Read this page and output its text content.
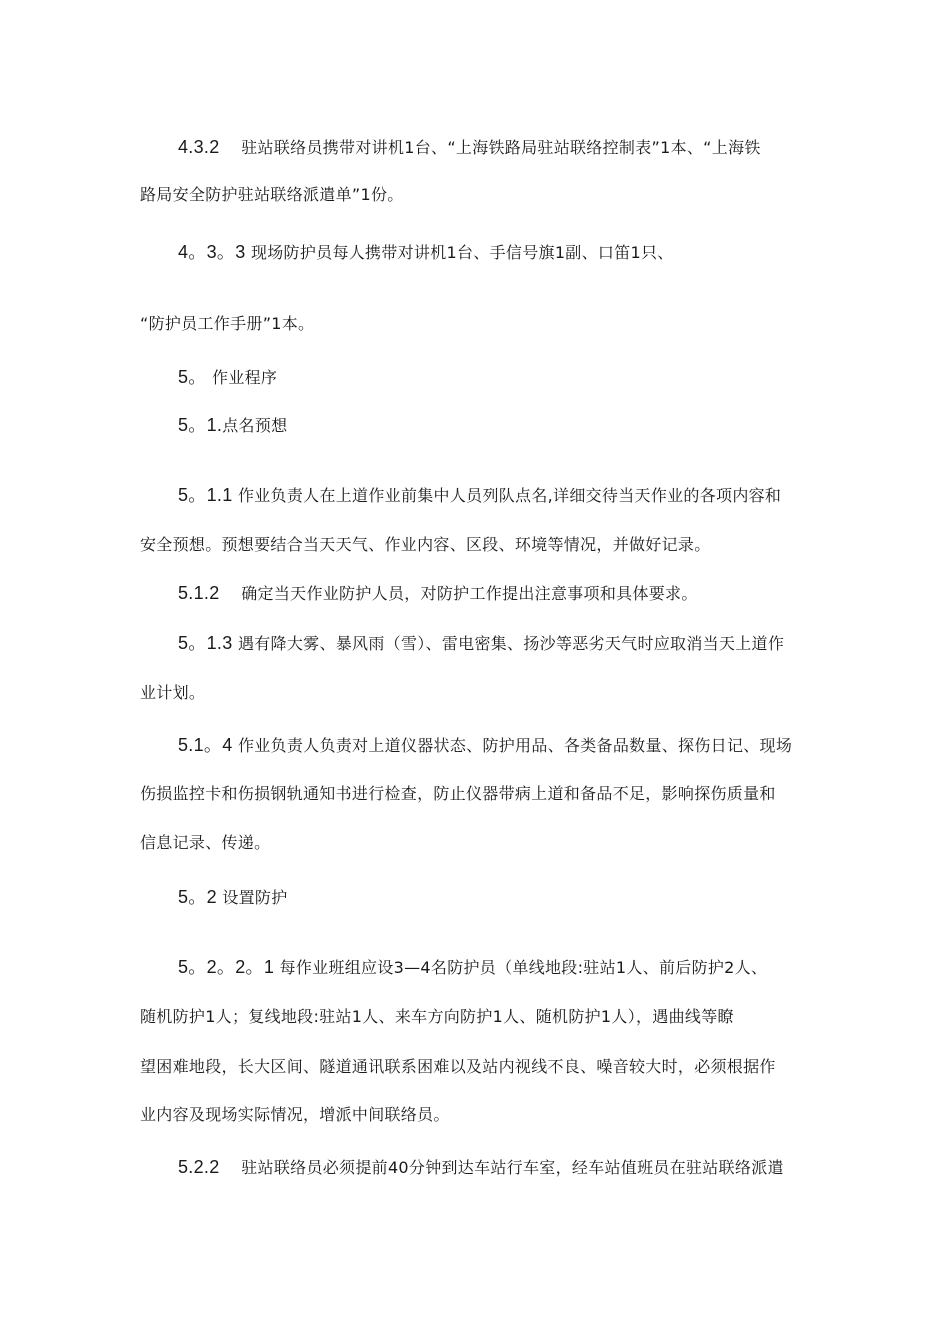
4.3.2 　驻站联络员携带对讲机1台、“上海铁路局驻站联络控制表”1本、“上海铁
路局安全防护驻站联络派遣单”1份。
4。3。3 现场防护员每人携带对讲机1台、手信号旗1副、口笛1只、
“防护员工作手册”1本。
5。 作业程序
5。1.点名预想
5。1.1 作业负责人在上道作业前集中人员列队点名,详细交待当天作业的各项内容和
安全预想。预想要结合当天天气、作业内容、区段、环境等情况，并做好记录。
5.1.2 　确定当天作业防护人员，对防护工作提出注意事项和具体要求。
5。1.3 遇有降大雾、暴风雨（雪）、雷电密集、扬沙等恶劣天气时应取消当天上道作
业计划。
5.1。4 作业负责人负责对上道仪器状态、防护用品、各类备品数量、探伤日记、现场
伤损监控卡和伤损钢轨通知书进行检查，防止仪器带病上道和备品不足，影响探伤质量和
信息记录、传递。
5。2 设置防护
5。2。2。1 每作业班组应设3—4名防护员（单线地段:驻站1人、前后防护2人、
随机防护1人；复线地段:驻站1人、来车方向防护1人、随机防护1人），遇曲线等瞭
望困难地段，长大区间、隧道通讯联系困难以及站内视线不良、噪音较大时，必须根据作
业内容及现场实际情况，增派中间联络员。
5.2.2 　驻站联络员必须提前40分钟到达车站行车室，经车站值班员在驻站联络派遣
